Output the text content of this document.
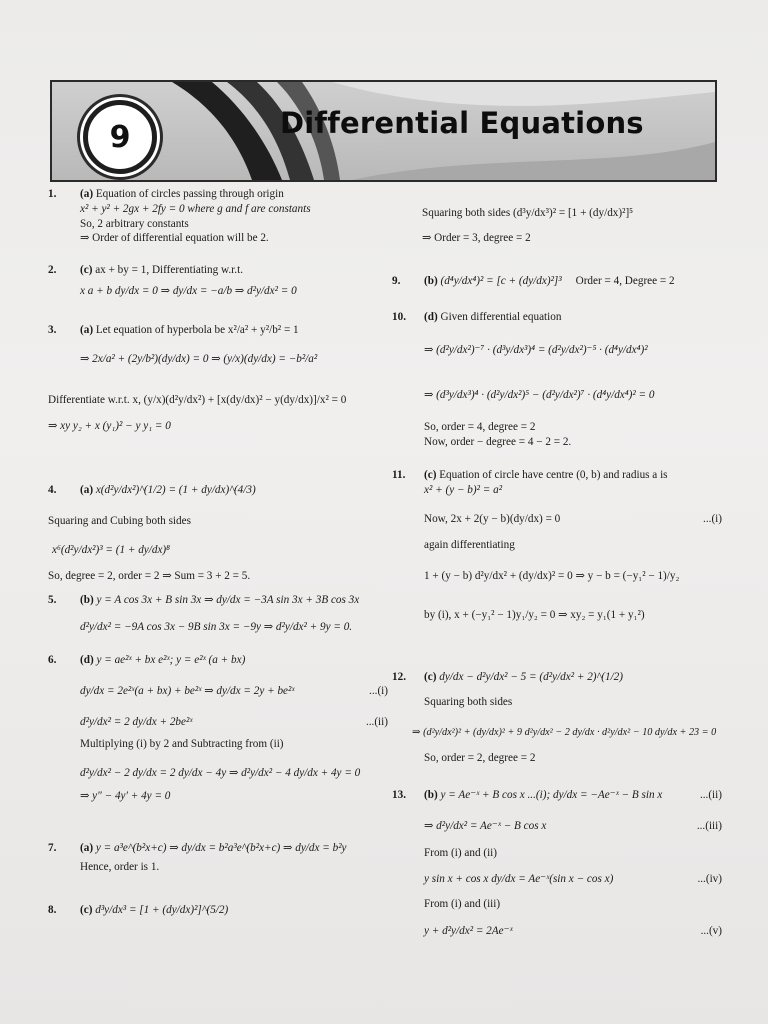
9	Differential Equations
1.	(a) Equation of circles passing through origin
x² + y² + 2gx + 2fy = 0 where g and f are constants
So, 2 arbitrary constants
⇒ Order of differential equation will be 2.
2.	(c) ax + by = 1, Differentiating w.r.t.
x a + b dy/dx = 0 ⇒ dy/dx = −a/b ⇒ d²y/dx² = 0
3.	(a) Let equation of hyperbola be x²/a² + y²/b² = 1
⇒ 2x/a² + (2y/b²)(dy/dx) = 0 ⇒ (y/x)(dy/dx) = −b²/a²
Differentiate w.r.t. x, (y/x)(d²y/dx²) + [x(dy/dx)² − y(dy/dx)]/x² = 0
⇒ xy y₂ + x (y₁)² − y y₁ = 0
4.	(a) x(d²y/dx²)^(1/2) = (1 + dy/dx)^(4/3)
Squaring and Cubing both sides
x⁶(d²y/dx²)³ = (1 + dy/dx)⁸
So, degree = 2, order = 2 ⇒ Sum = 3 + 2 = 5.
5.	(b) y = A cos 3x + B sin 3x ⇒ dy/dx = −3A sin 3x + 3B cos 3x
d²y/dx² = −9A cos 3x − 9B sin 3x = −9y ⇒ d²y/dx² + 9y = 0.
6.	(d) y = ae²ˣ + bx e²ˣ; y = e²ˣ (a + bx)
dy/dx = 2e²ˣ(a + bx) + be²ˣ ⇒ dy/dx = 2y + be²ˣ	...(i)
d²y/dx² = 2 dy/dx + 2be²ˣ	...(ii)
Multiplying (i) by 2 and Subtracting from (ii)
d²y/dx² − 2 dy/dx = 2 dy/dx − 4y ⇒ d²y/dx² − 4 dy/dx + 4y = 0
⇒ y″ − 4y′ + 4y = 0
7.	(a) y = a³e^(b²x+c) ⇒ dy/dx = b²a³e^(b²x+c) ⇒ dy/dx = b²y
Hence, order is 1.
8.	(c) d³y/dx³ = [1 + (dy/dx)²]^(5/2)
Squaring both sides (d³y/dx³)² = [1 + (dy/dx)²]⁵
⇒ Order = 3, degree = 2
9.	(b) (d⁴y/dx⁴)² = [c + (dy/dx)²]³ Order = 4, Degree = 2
10.	(d) Given differential equation
⇒ (d²y/dx²)⁻⁷ · (d³y/dx³)⁴ = (d²y/dx²)⁻⁵ · (d⁴y/dx⁴)²
⇒ (d³y/dx³)⁴ · (d²y/dx²)⁵ − (d²y/dx²)⁷ · (d⁴y/dx⁴)² = 0
So, order = 4, degree = 2
Now, order − degree = 4 − 2 = 2.
11.	(c) Equation of circle have centre (0, b) and radius a is
x² + (y − b)² = a²
Now, 2x + 2(y − b)(dy/dx) = 0	...(i)
again differentiating
1 + (y − b) d²y/dx² + (dy/dx)² = 0 ⇒ y − b = (−y₁² − 1)/y₂
by (i), x + (−y₁² − 1)y₁/y₂ = 0 ⇒ xy₂ = y₁(1 + y₁²)
12.	(c) dy/dx − d²y/dx² − 5 = (d²y/dx² + 2)^(1/2)
Squaring both sides
⇒ (d²y/dx²)² + (dy/dx)² + 9 d²y/dx² − 2 dy/dx · d²y/dx² − 10 dy/dx + 23 = 0
So, order = 2, degree = 2
13.	(b) y = Ae⁻ˣ + B cos x ...(i); dy/dx = −Ae⁻ˣ − B sin x	...(ii)
⇒ d²y/dx² = Ae⁻ˣ − B cos x	...(iii)
From (i) and (ii)
y sin x + cos x dy/dx = Ae⁻ˣ(sin x − cos x)	...(iv)
From (i) and (iii)
y + d²y/dx² = 2Ae⁻ˣ	...(v)
